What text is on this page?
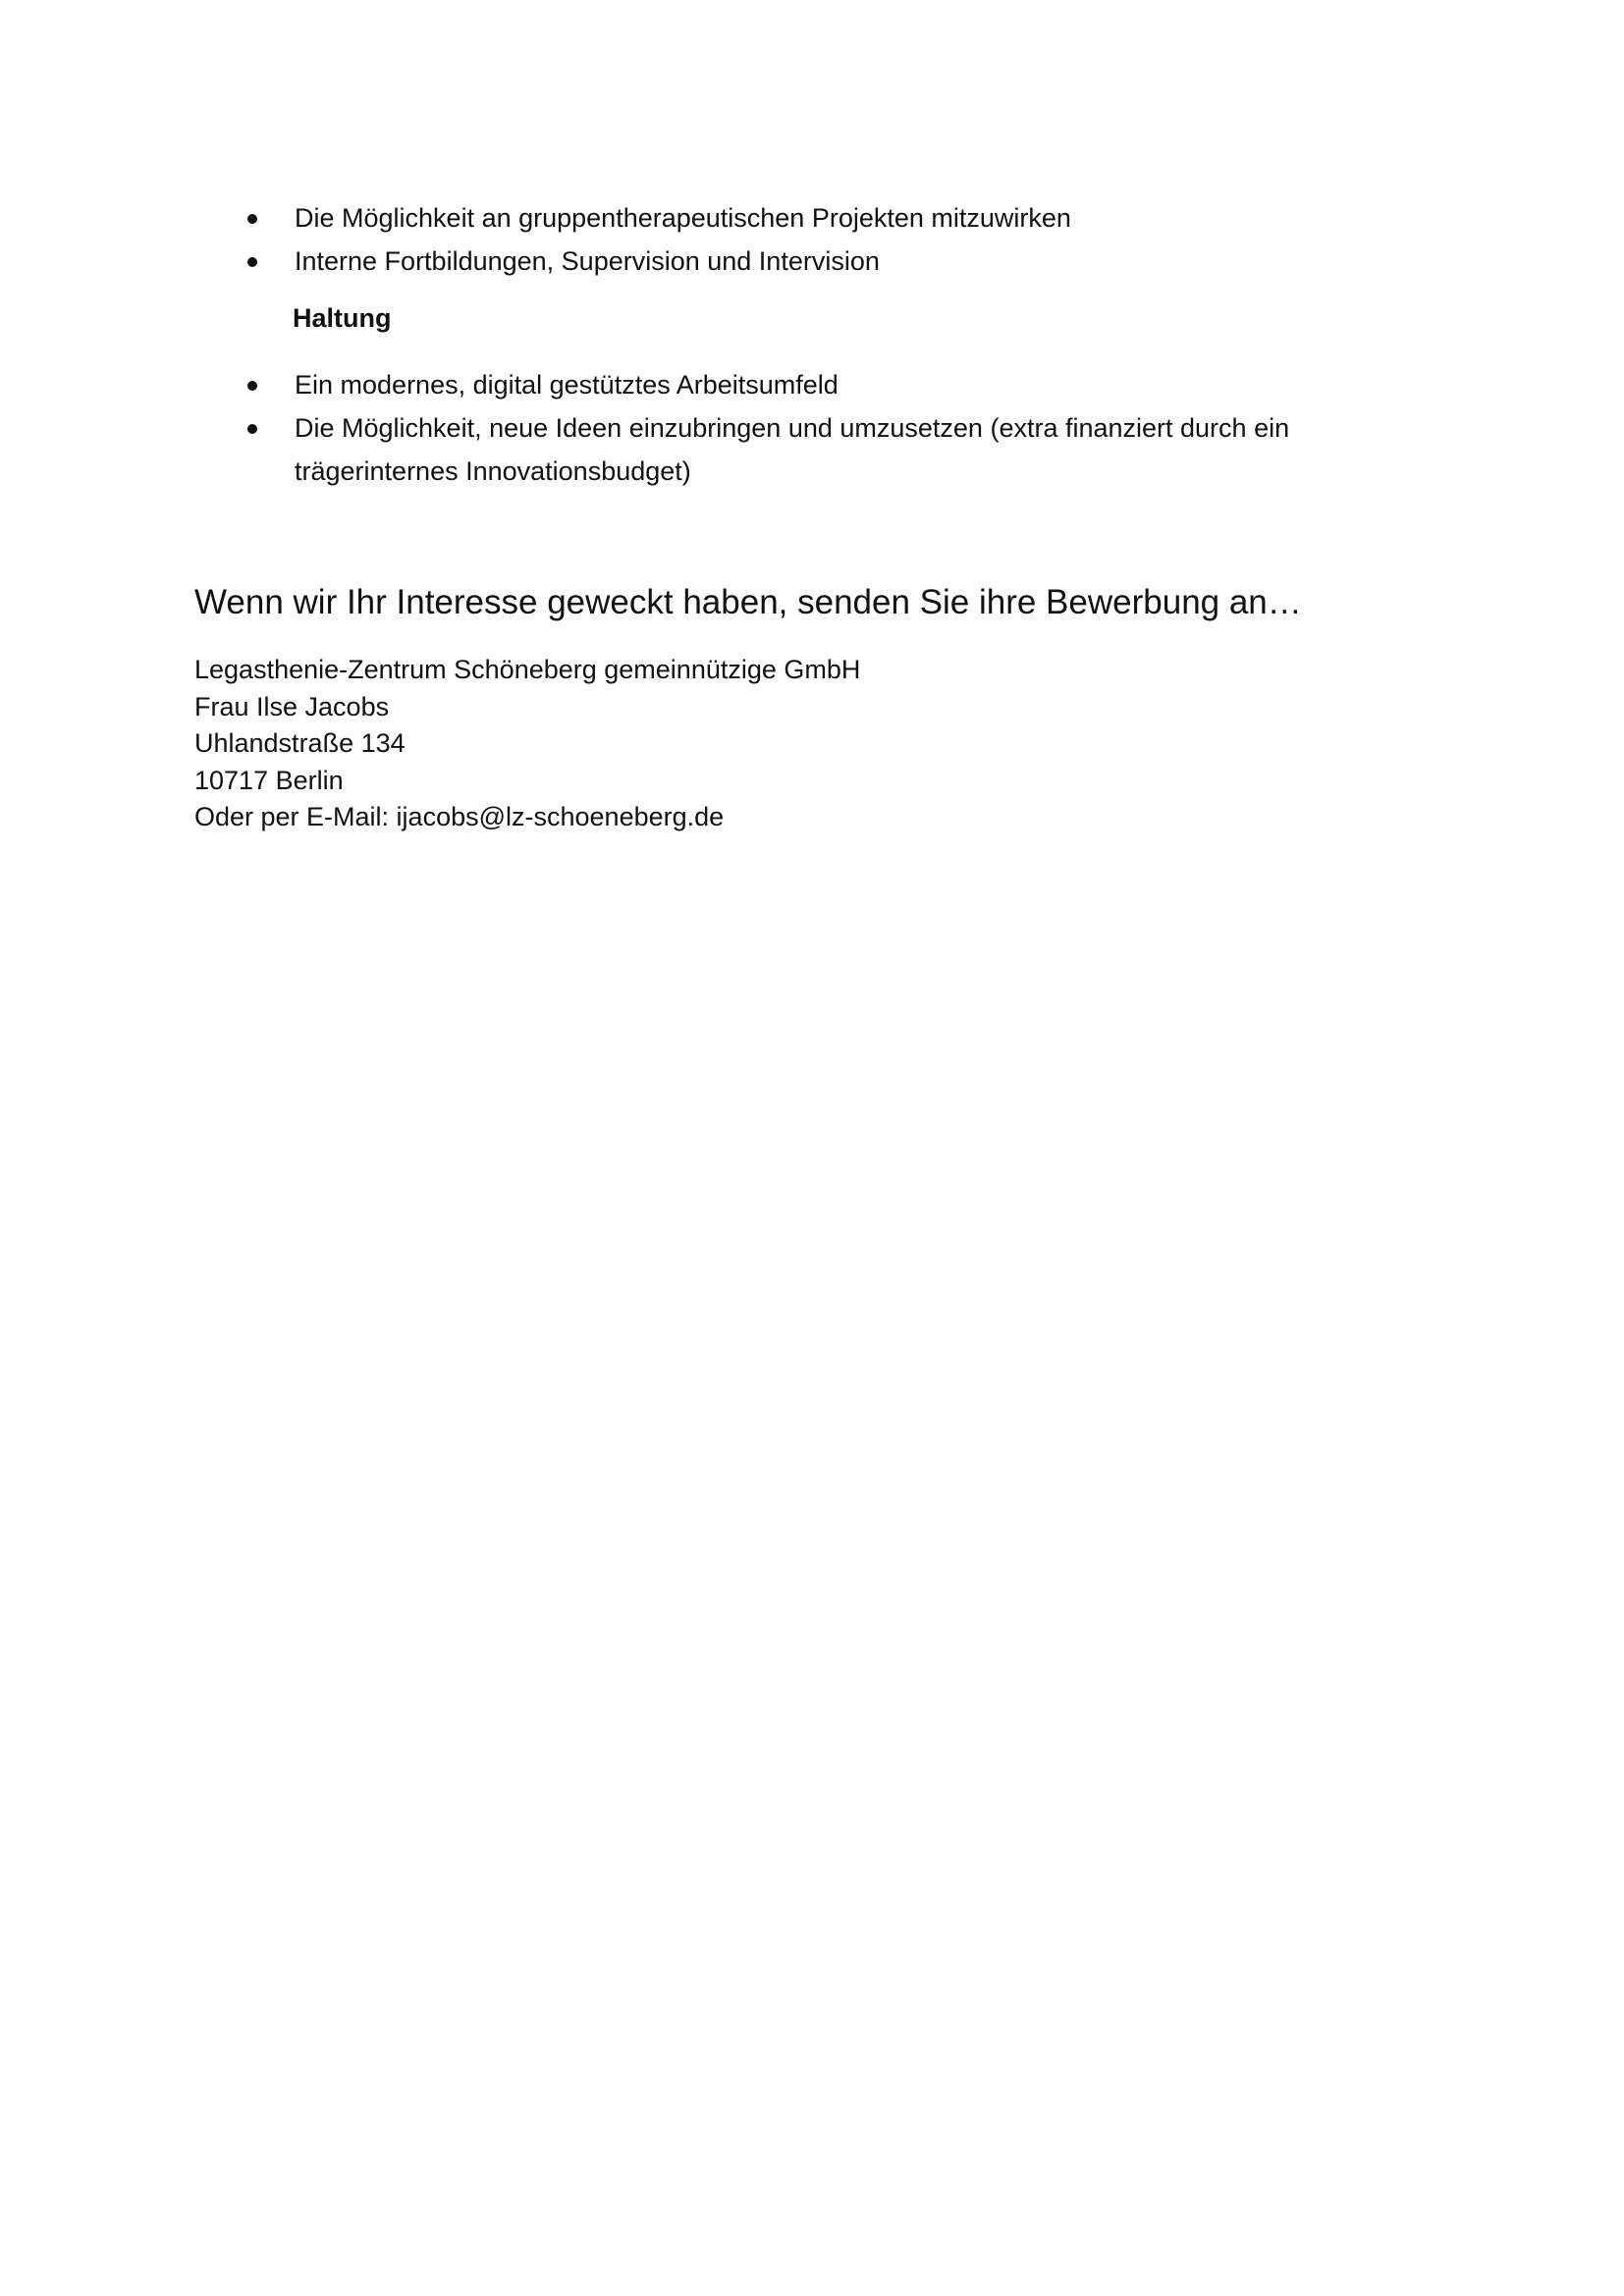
Die Möglichkeit an gruppentherapeutischen Projekten mitzuwirken
Interne Fortbildungen, Supervision und Intervision
Haltung
Ein modernes, digital gestütztes Arbeitsumfeld
Die Möglichkeit, neue Ideen einzubringen und umzusetzen (extra finanziert durch ein trägerinternes Innovationsbudget)
Wenn wir Ihr Interesse geweckt haben, senden Sie ihre Bewerbung an…
Legasthenie-Zentrum Schöneberg gemeinnützige GmbH
Frau Ilse Jacobs
Uhlandstraße 134
10717 Berlin
Oder per E-Mail: ijacobs@lz-schoeneberg.de
